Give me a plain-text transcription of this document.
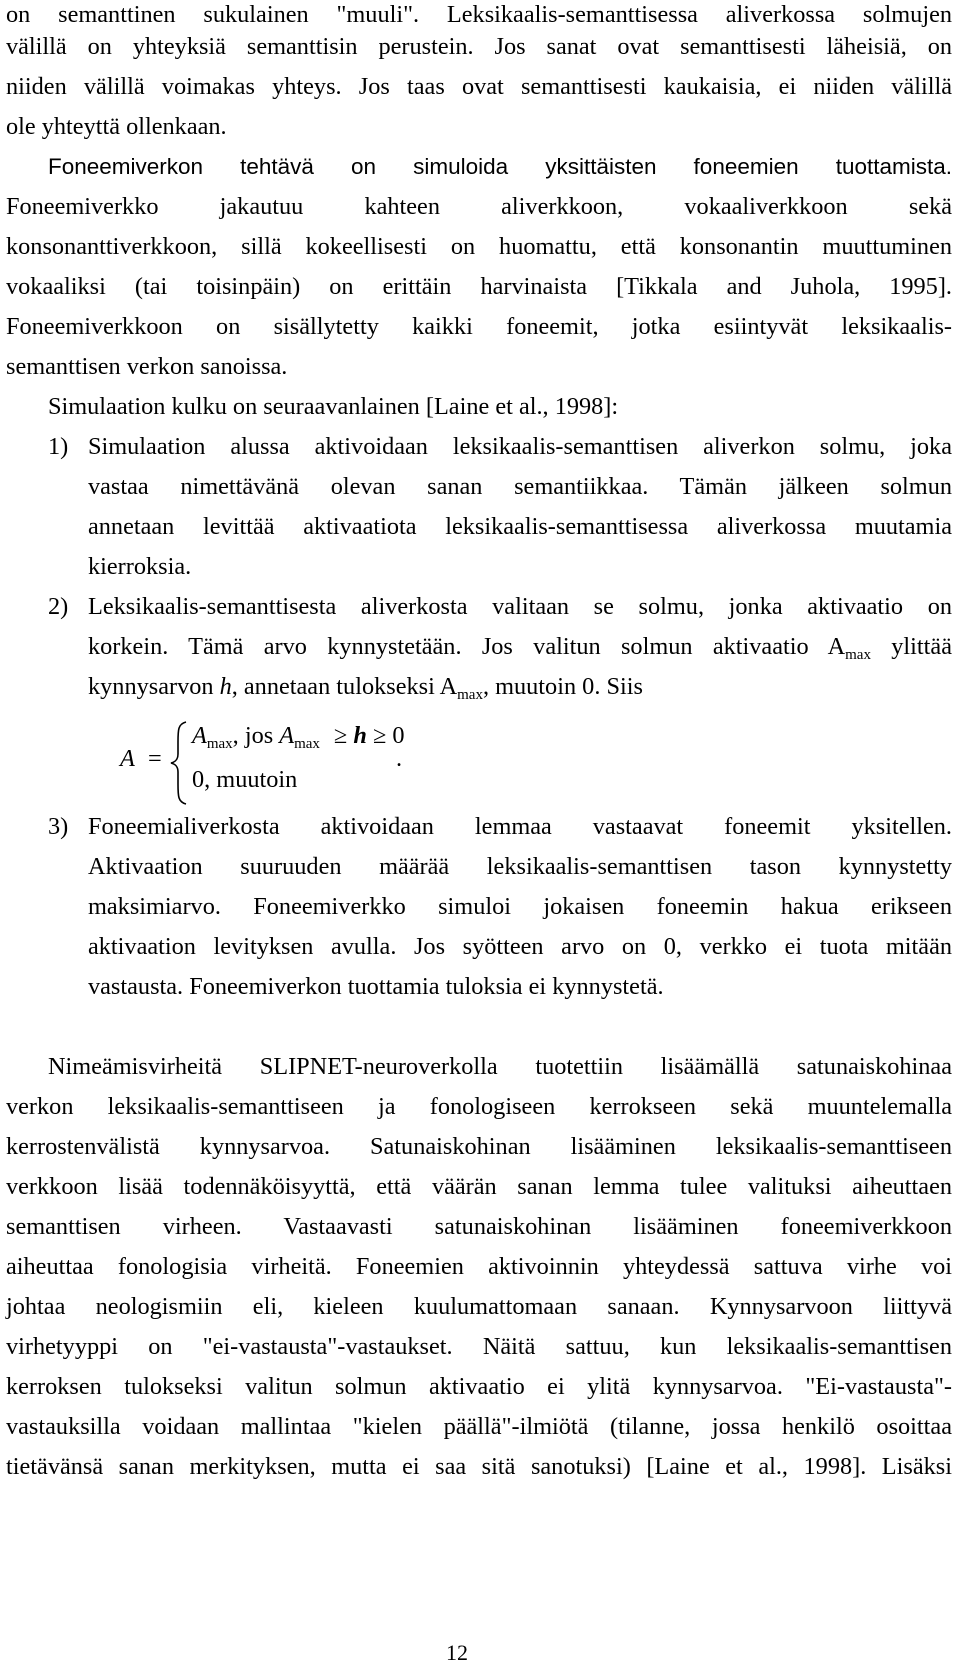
on semanttinen sukulainen "muuli". Leksikaalis-semanttisessa aliverkossa solmujen
välillä on yhteyksiä semanttisin perustein. Jos sanat ovat semanttisesti läheisiä, on
niiden välillä voimakas yhteys. Jos taas ovat semanttisesti kaukaisia, ei niiden välillä
ole yhteyttä ollenkaan.
Foneemiverkon tehtävä on simuloida yksittäisten foneemien tuottamista.
Foneemiverkko jakautuu kahteen aliverkkoon, vokaaliverkkoon sekä
konsonanttiverkkoon, sillä kokeellisesti on huomattu, että konsonantin muuttuminen
vokaaliksi (tai toisinpäin) on erittäin harvinaista [Tikkala and Juhola, 1995].
Foneemiverkkoon on sisällytetty kaikki foneemit, jotka esiintyvät leksikaalis-
semanttisen verkon sanoissa.
Simulaation kulku on seuraavanlainen [Laine et al., 1998]:
1) Simulaation alussa aktivoidaan leksikaalis-semanttisen aliverkon solmu, joka
vastaa nimettävänä olevan sanan semantiikkaa. Tämän jälkeen solmun
annetaan levittää aktivaatiota leksikaalis-semanttisessa aliverkossa muutamia
kierroksia.
2) Leksikaalis-semanttisesta aliverkosta valitaan se solmu, jonka aktivaatio on
korkein. Tämä arvo kynnystetään. Jos valitun solmun aktivaatio $A_{max}$ ylittää
kynnysarvon h, annetaan tulokseksi $A_{max}$, muutoin 0. Siis
A =
$A_{max}$, jos $A_{max} \ge h \ge 0$
0, muutoin
.
3) Foneemialiverkosta aktivoidaan lemmaa vastaavat foneemit yksitellen.
Aktivaation suuruuden määrää leksikaalis-semanttisen tason kynnystetty
maksimiarvo. Foneemiverkko simuloi jokaisen foneemin hakua erikseen
aktivaation levityksen avulla. Jos syötteen arvo on 0, verkko ei tuota mitään
vastausta. Foneemiverkon tuottamia tuloksia ei kynnystetä.
Nimeämisvirheitä SLIPNET-neuroverkolla tuotettiin lisäämällä satunaiskohinaa
verkon leksikaalis-semanttiseen ja fonologiseen kerrokseen sekä muuntelemalla
kerrostenvälistä kynnysarvoa. Satunaiskohinan lisääminen leksikaalis-semanttiseen
verkkoon lisää todennäköisyyttä, että väärän sanan lemma tulee valituksi aiheuttaen
semanttisen virheen. Vastaavasti satunaiskohinan lisääminen foneemiverkkoon
aiheuttaa fonologisia virheitä. Foneemien aktivoinnin yhteydessä sattuva virhe voi
johtaa neologismiin eli, kieleen kuulumattomaan sanaan. Kynnysarvoon liittyvä
virhetyyppi on "ei-vastausta"-vastaukset. Näitä sattuu, kun leksikaalis-semanttisen
kerroksen tulokseksi valitun solmun aktivaatio ei ylitä kynnysarvoa. "Ei-vastausta"-
vastauksilla voidaan mallintaa "kielen päällä"-ilmiötä (tilanne, jossa henkilö osoittaa
tietävänsä sanan merkityksen, mutta ei saa sitä sanotuksi) [Laine et al., 1998]. Lisäksi
12
